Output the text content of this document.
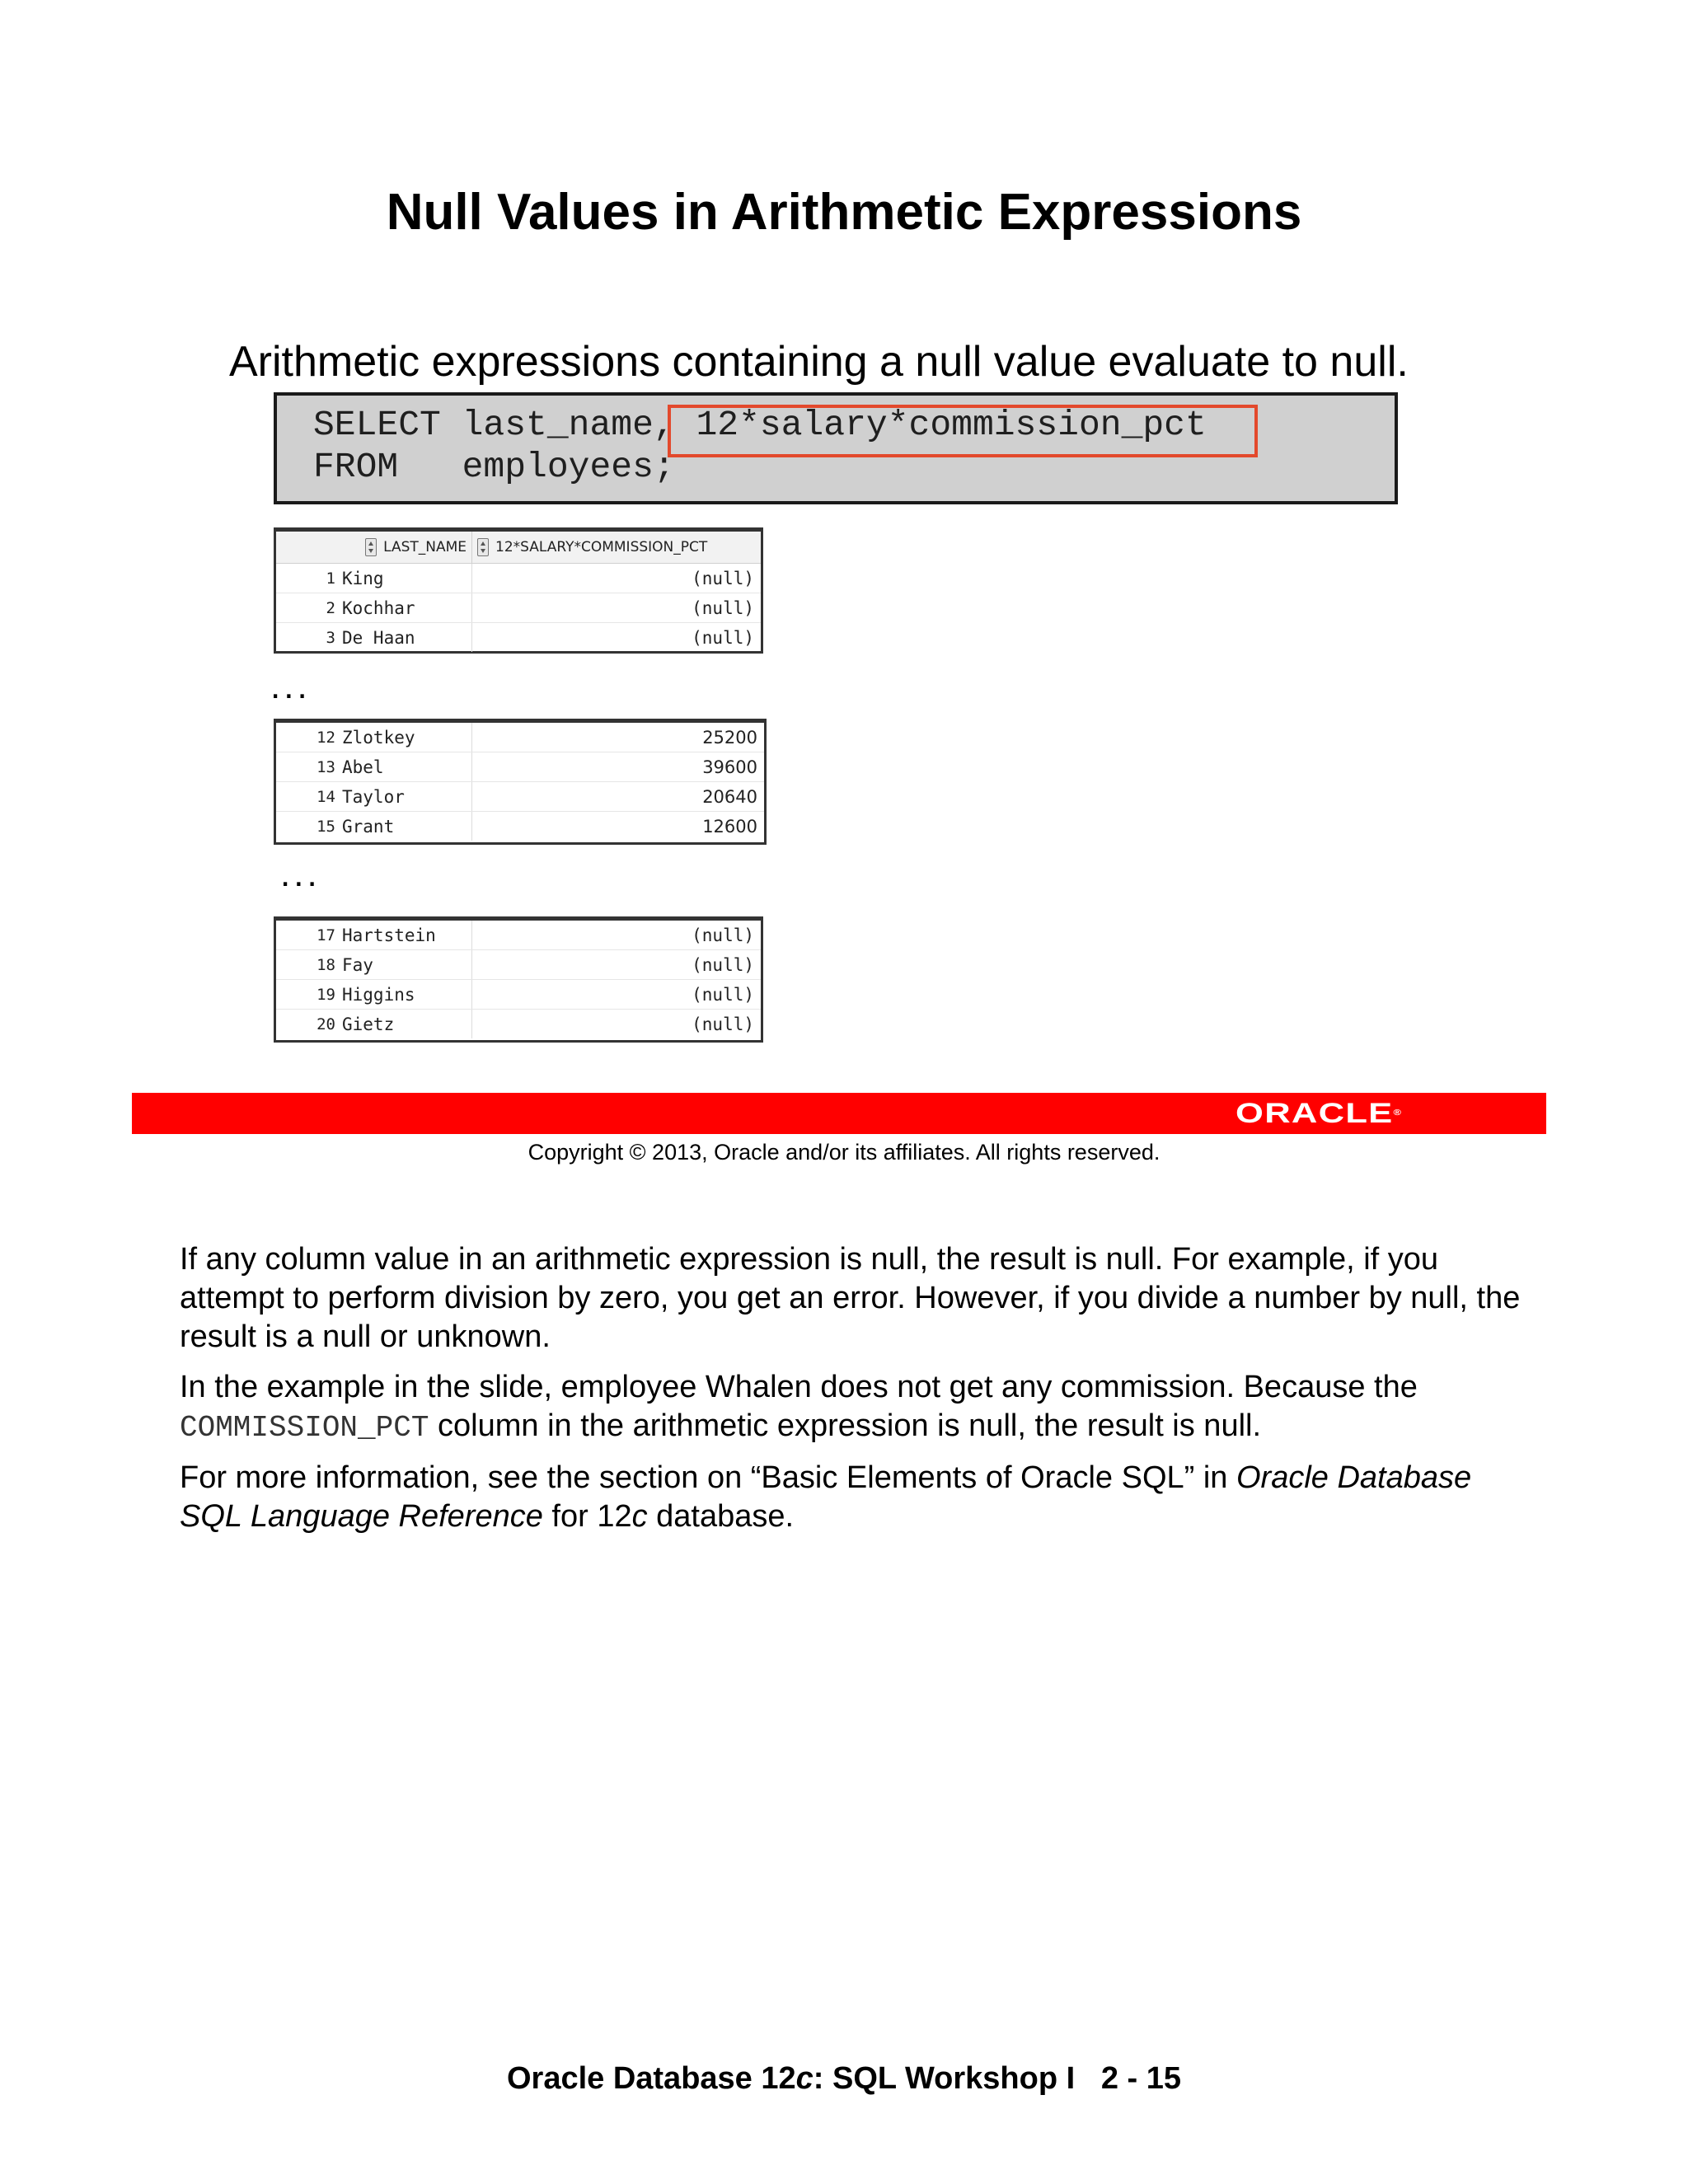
Null Values in Arithmetic Expressions
Arithmetic expressions containing a null value evaluate to null.
SELECT last_name, 12*salary*commission_pct
FROM   employees;
LAST_NAME 12*SALARY*COMMISSION_PCT
1 King	(null)
2 Kochhar	(null)
3 De Haan	(null)
...
12 Zlotkey	25200
13 Abel	39600
14 Taylor	20640
15 Grant	12600
...
17 Hartstein	(null)
18 Fay	(null)
19 Higgins	(null)
20 Gietz	(null)
ORACLE®
Copyright © 2013, Oracle and/or its affiliates. All rights reserved.

If any column value in an arithmetic expression is null, the result is null. For example, if you attempt to perform division by zero, you get an error. However, if you divide a number by null, the result is a null or unknown.

In the example in the slide, employee Whalen does not get any commission. Because the COMMISSION_PCT column in the arithmetic expression is null, the result is null.

For more information, see the section on “Basic Elements of Oracle SQL” in Oracle Database SQL Language Reference for 12c database.

Oracle Database 12c: SQL Workshop I   2 - 15
